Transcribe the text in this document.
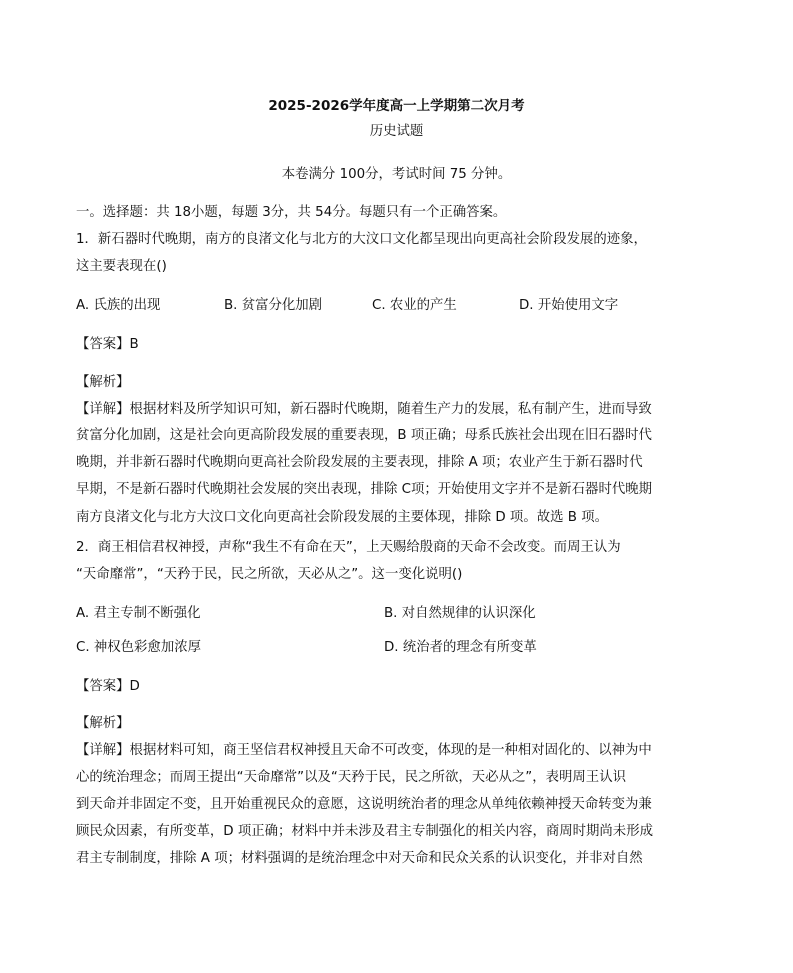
2025-2026学年度高一上学期第二次月考
历史试题
本卷满分 100分，考试时间 75 分钟。
一。选择题：共 18小题，每题 3分，共 54分。每题只有一个正确答案。
1．新石器时代晚期，南方的良渚文化与北方的大汶口文化都呈现出向更高社会阶段发展的迹象，
这主要表现在()
A. 氏族的出现	B. 贫富分化加剧	C. 农业的产生	D. 开始使用文字
【答案】B
【解析】
【详解】根据材料及所学知识可知，新石器时代晚期，随着生产力的发展，私有制产生，进而导致
贫富分化加剧，这是社会向更高阶段发展的重要表现，B 项正确；母系氏族社会出现在旧石器时代
晚期，并非新石器时代晚期向更高社会阶段发展的主要表现，排除 A 项；农业产生于新石器时代
早期，不是新石器时代晚期社会发展的突出表现，排除 C项；开始使用文字并不是新石器时代晚期
南方良渚文化与北方大汶口文化向更高社会阶段发展的主要体现，排除 D 项。故选 B 项。
2．商王相信君权神授，声称“我生不有命在天”，上天赐给殷商的天命不会改变。而周王认为
“天命靡常”，“天矜于民，民之所欲，天必从之”。这一变化说明()
A. 君主专制不断强化	B. 对自然规律的认识深化
C. 神权色彩愈加浓厚	D. 统治者的理念有所变革
【答案】D
【解析】
【详解】根据材料可知，商王坚信君权神授且天命不可改变，体现的是一种相对固化的、以神为中
心的统治理念；而周王提出“天命靡常”以及“天矜于民，民之所欲，天必从之”，表明周王认识
到天命并非固定不变，且开始重视民众的意愿，这说明统治者的理念从单纯依赖神授天命转变为兼
顾民众因素，有所变革，D 项正确；材料中并未涉及君主专制强化的相关内容，商周时期尚未形成
君主专制制度，排除 A 项；材料强调的是统治理念中对天命和民众关系的认识变化，并非对自然
